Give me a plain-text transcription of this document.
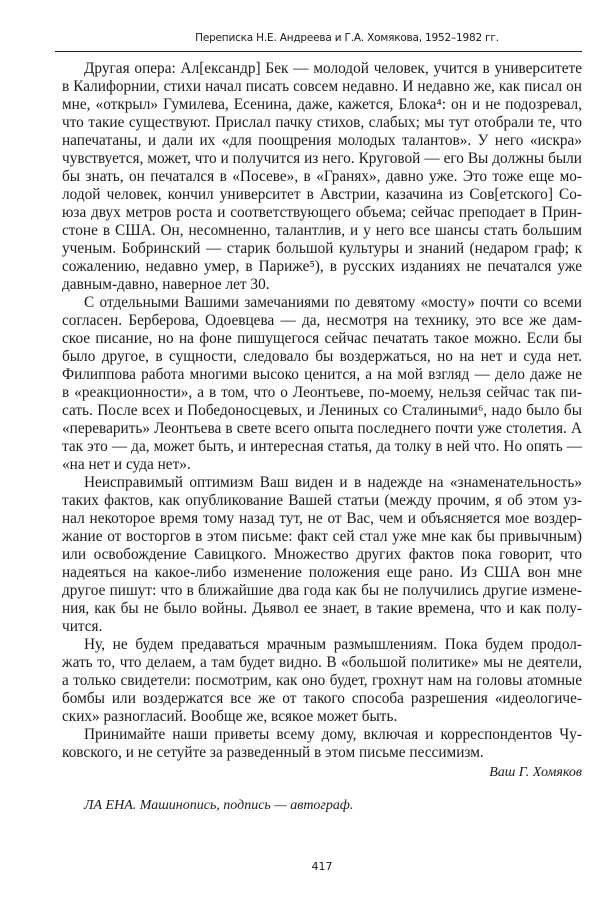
Переписка Н.Е. Андреева и Г.А. Хомякова, 1952–1982 гг.
Другая опера: Ал[ександр] Бек — молодой человек, учится в университете
в Калифорнии, стихи начал писать совсем недавно. И недавно же, как писал он
мне, «открыл» Гумилева, Есенина, даже, кажется, Блока⁴: он и не подозревал,
что такие существуют. Прислал пачку стихов, слабых; мы тут отобрали те, что
напечатаны, и дали их «для поощрения молодых талантов». У него «искра»
чувствуется, может, что и получится из него. Круговой — его Вы должны были
бы знать, он печатался в «Посеве», в «Гранях», давно уже. Это тоже еще мо-
лодой человек, кончил университет в Австрии, казачина из Сов[етского] Со-
юза двух метров роста и соответствующего объема; сейчас преподает в Прин-
стоне в США. Он, несомненно, талантлив, и у него все шансы стать большим
ученым. Бобринский — старик большой культуры и знаний (недаром граф; к
сожалению, недавно умер, в Париже⁵), в русских изданиях не печатался уже
давным-давно, наверное лет 30.
С отдельными Вашими замечаниями по девятому «мосту» почти со всеми
согласен. Берберова, Одоевцева — да, несмотря на технику, это все же дам-
ское писание, но на фоне пишущегося сейчас печатать такое можно. Если бы
было другое, в сущности, следовало бы воздержаться, но на нет и суда нет.
Филиппова работа многими высоко ценится, а на мой взгляд — дело даже не
в «реакционности», а в том, что о Леонтьеве, по-моему, нельзя сейчас так пи-
сать. После всех и Победоносцевых, и Лениных со Сталиными⁶, надо было бы
«переварить» Леонтьева в свете всего опыта последнего почти уже столетия. А
так это — да, может быть, и интересная статья, да толку в ней что. Но опять —
«на нет и суда нет».
Неисправимый оптимизм Ваш виден и в надежде на «знаменательность»
таких фактов, как опубликование Вашей статьи (между прочим, я об этом уз-
нал некоторое время тому назад тут, не от Вас, чем и объясняется мое воздер-
жание от восторгов в этом письме: факт сей стал уже мне как бы привычным)
или освобождение Савицкого. Множество других фактов пока говорит, что
надеяться на какое-либо изменение положения еще рано. Из США вон мне
другое пишут: что в ближайшие два года как бы не получились другие измене-
ния, как бы не было войны. Дьявол ее знает, в такие времена, что и как полу-
чится.
Ну, не будем предаваться мрачным размышлениям. Пока будем продол-
жать то, что делаем, а там будет видно. В «большой политике» мы не деятели,
а только свидетели: посмотрим, как оно будет, грохнут нам на головы атомные
бомбы или воздержатся все же от такого способа разрешения «идеологиче-
ских» разногласий. Вообще же, всякое может быть.
Принимайте наши приветы всему дому, включая и корреспондентов Чу-
ковского, и не сетуйте за разведенный в этом письме пессимизм.
Ваш Г. Хомяков
ЛА ЕНА. Машинопись, подпись — автограф.
417
